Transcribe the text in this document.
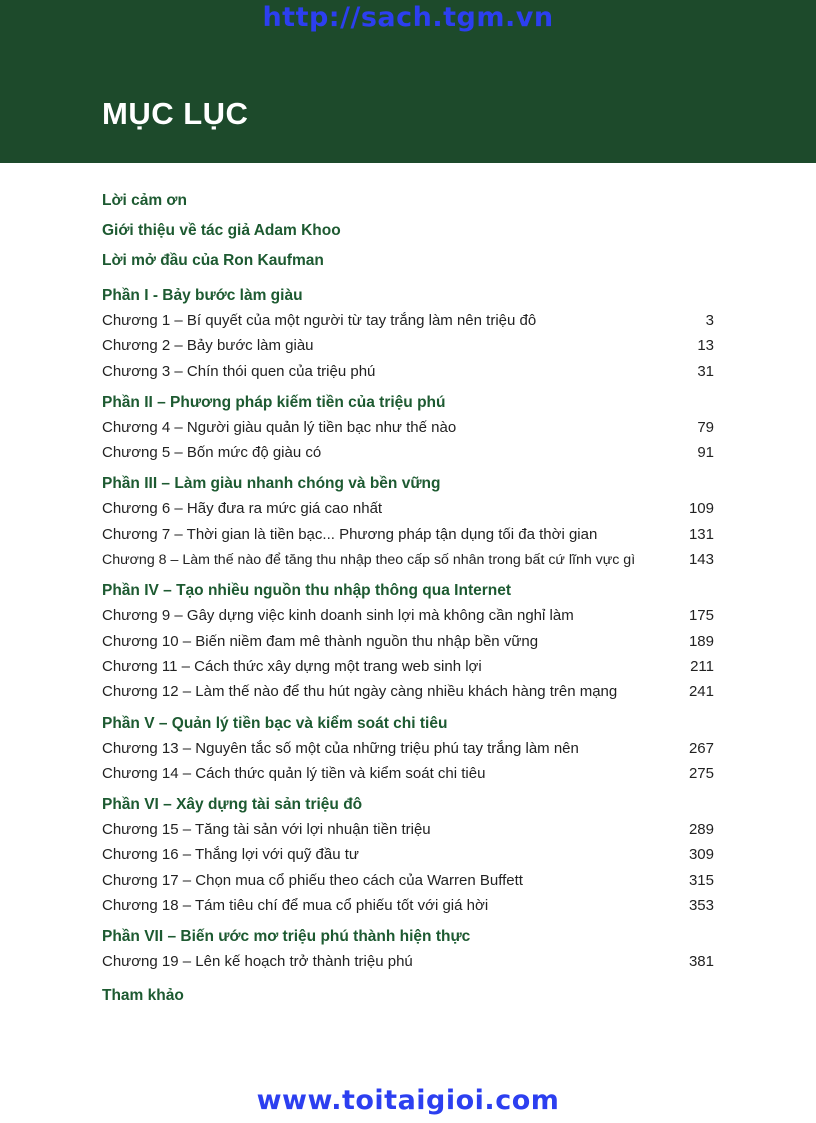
http://sach.tgm.vn
MỤC LỤC
Lời cảm ơn
Giới thiệu về tác giả Adam Khoo
Lời mở đầu của Ron Kaufman
Phần I - Bảy bước làm giàu
Chương 1 – Bí quyết của một người từ tay trắng làm nên triệu đô	3
Chương 2 – Bảy bước làm giàu	13
Chương 3 – Chín thói quen của triệu phú	31
Phần II – Phương pháp kiếm tiền của triệu phú
Chương 4 – Người giàu quản lý tiền bạc như thế nào	79
Chương 5 – Bốn mức độ giàu có	91
Phần III – Làm giàu nhanh chóng và bền vững
Chương 6 – Hãy đưa ra mức giá cao nhất	109
Chương 7 – Thời gian là tiền bạc... Phương pháp tận dụng tối đa thời gian	131
Chương 8 – Làm thế nào để tăng thu nhập theo cấp số nhân trong bất cứ lĩnh vực gì	143
Phần IV – Tạo nhiều nguồn thu nhập thông qua Internet
Chương 9 – Gây dựng việc kinh doanh sinh lợi mà không cần nghỉ làm	175
Chương 10 – Biến niềm đam mê thành nguồn thu nhập bền vững	189
Chương 11 – Cách thức xây dựng một trang web sinh lợi	211
Chương 12 – Làm thế nào để thu hút ngày càng nhiều khách hàng trên mạng	241
Phần V – Quản lý tiền bạc và kiểm soát chi tiêu
Chương 13 – Nguyên tắc số một của những triệu phú tay trắng làm nên	267
Chương 14 – Cách thức quản lý tiền và kiểm soát chi tiêu	275
Phần VI – Xây dựng tài sản triệu đô
Chương 15 – Tăng tài sản với lợi nhuận tiền triệu	289
Chương 16 – Thắng lợi với quỹ đầu tư	309
Chương 17 – Chọn mua cổ phiếu theo cách của Warren Buffett	315
Chương 18 – Tám tiêu chí để mua cổ phiếu tốt với giá hời	353
Phần VII – Biến ước mơ triệu phú thành hiện thực
Chương 19 – Lên kế hoạch trở thành triệu phú	381
Tham khảo
www.toitaigioi.com
